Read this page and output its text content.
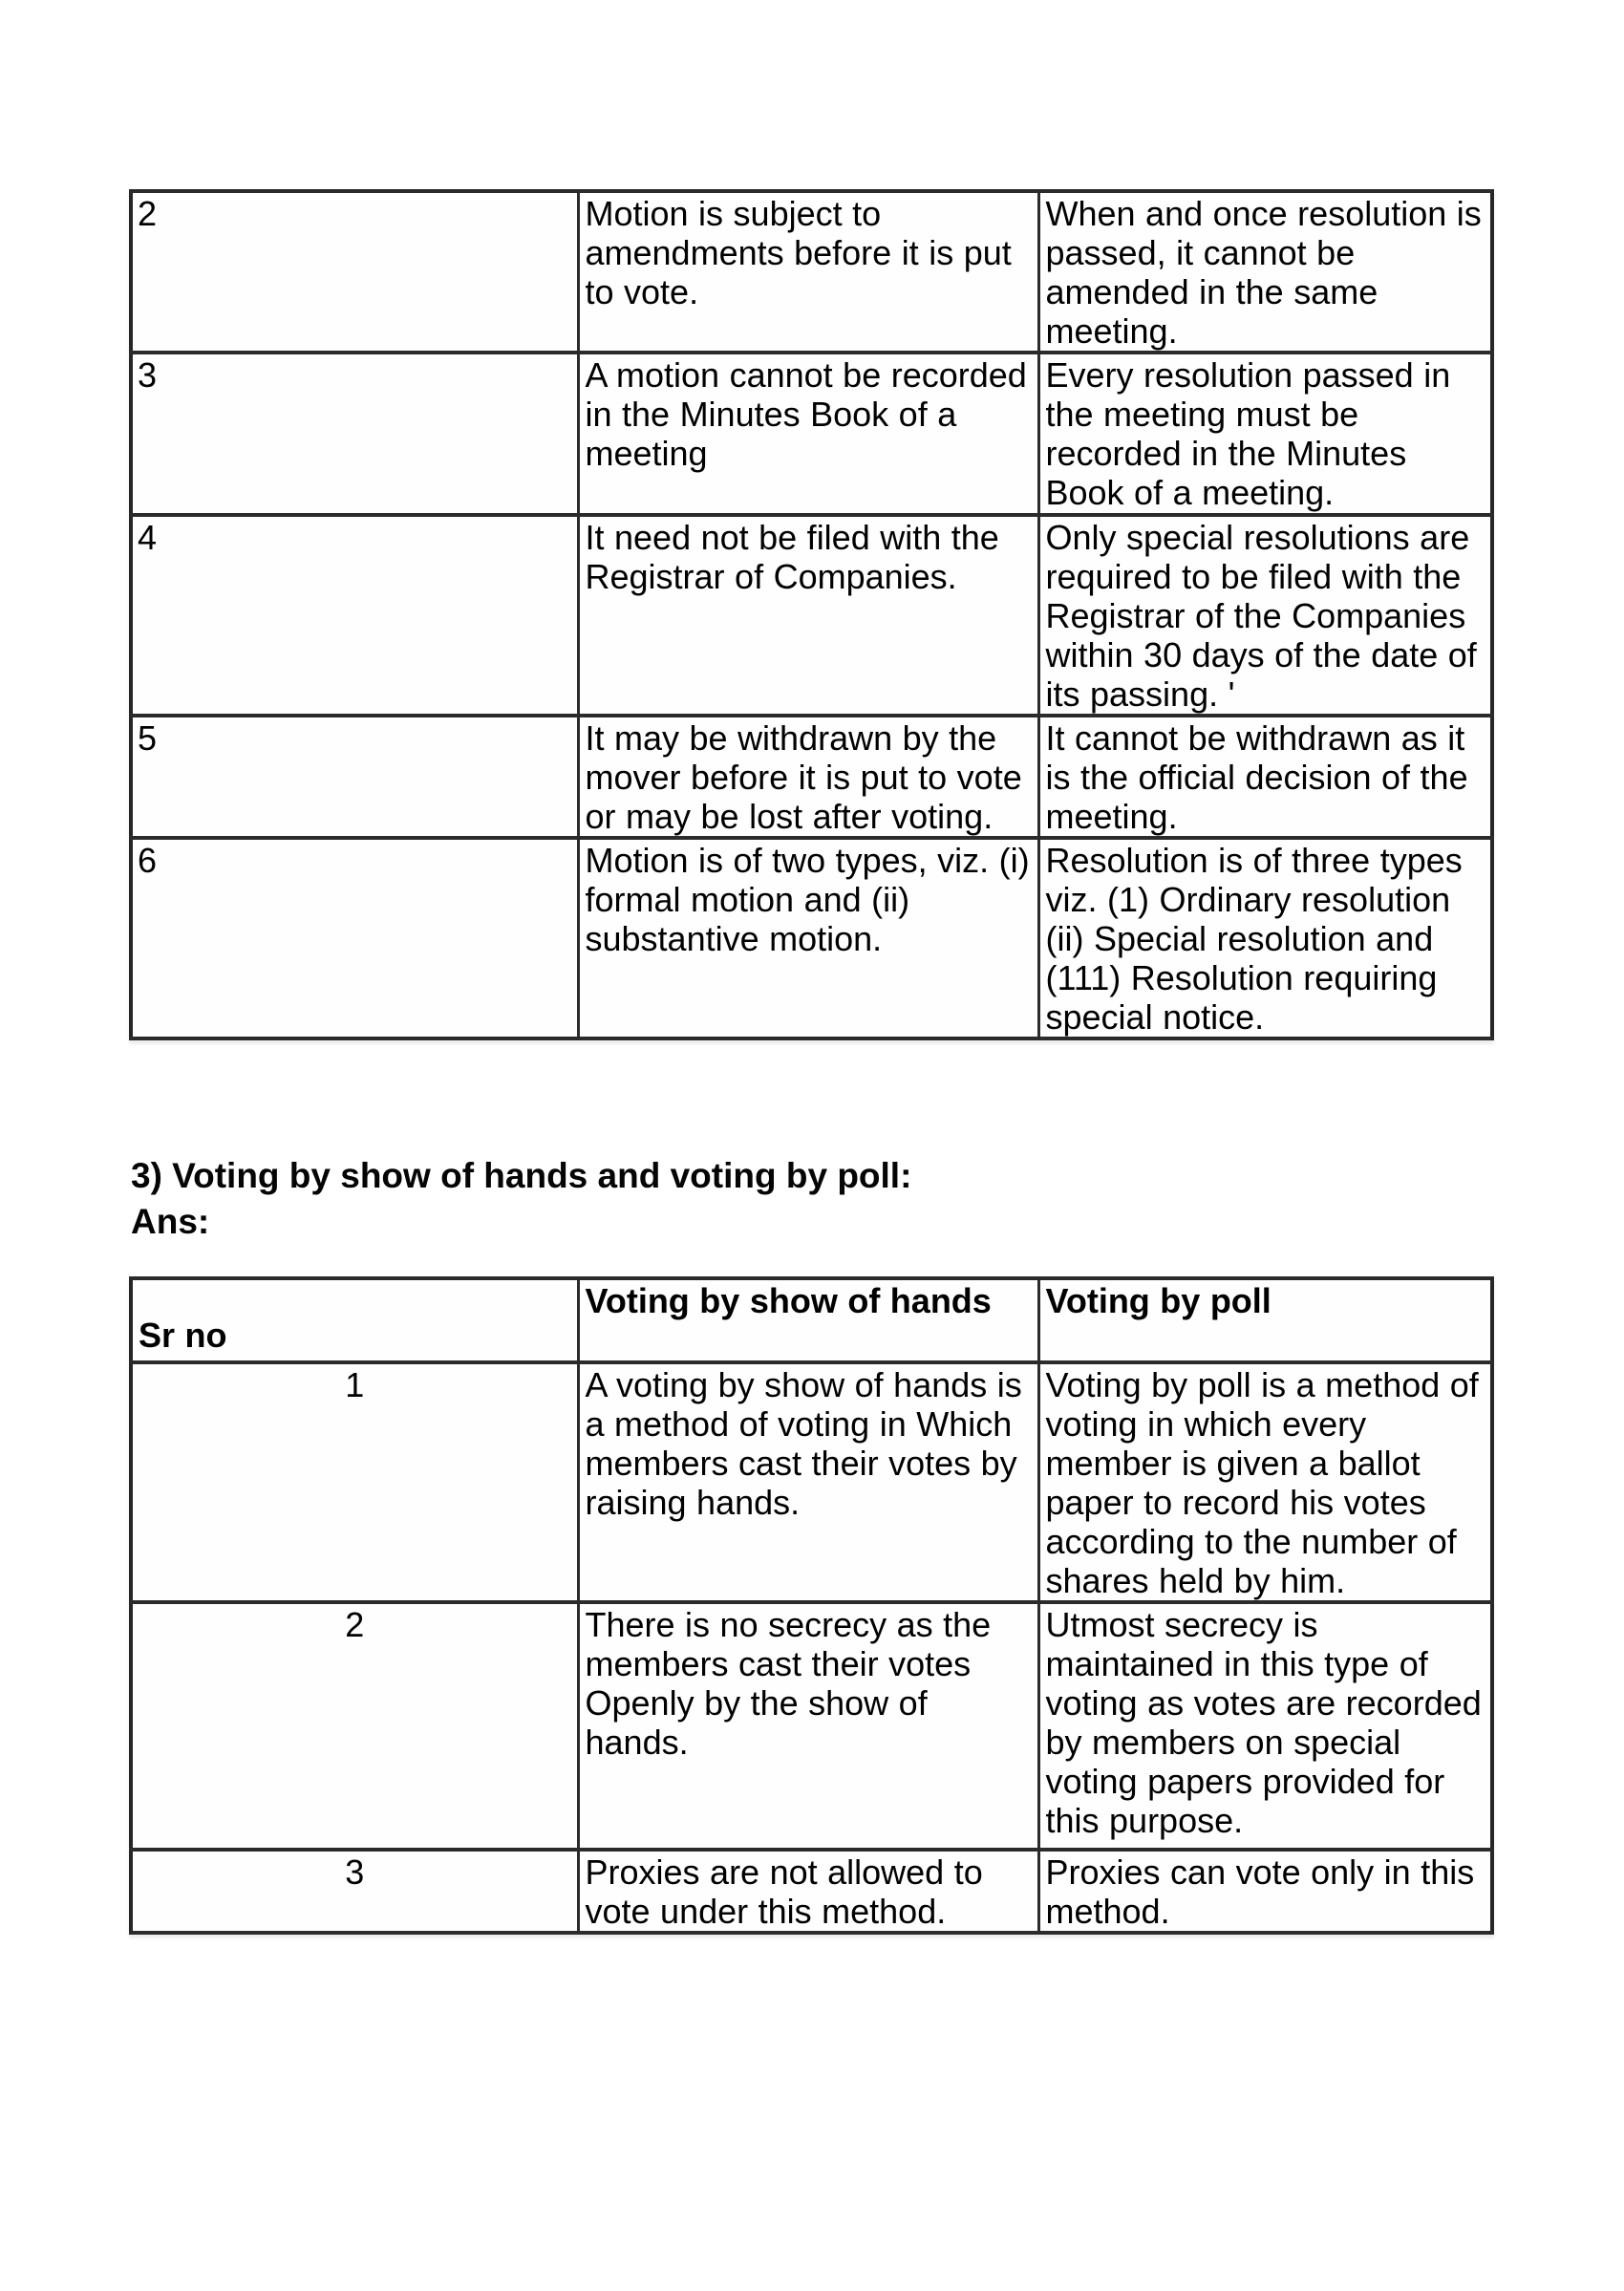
2	Motion is subject to amendments before it is put to vote.	When and once resolution is passed, it cannot be amended in the same meeting.
3	A motion cannot be recorded in the Minutes Book of a meeting	Every resolution passed in the meeting must be recorded in the Minutes Book of a meeting.
4	It need not be filed with the Registrar of Companies.	Only special resolutions are required to be filed with the Registrar of the Companies within 30 days of the date of its passing. '
5	It may be withdrawn by the mover before it is put to vote or may be lost after voting.	It cannot be withdrawn as it is the official decision of the meeting.
6	Motion is of two types, viz. (i) formal motion and (ii) substantive motion.	Resolution is of three types viz. (1) Ordinary resolution (ii) Special resolution and (111) Resolution requiring special notice.
3) Voting by show of hands and voting by poll:
Ans:
Sr no	Voting by show of hands	Voting by poll
1	A voting by show of hands is a method of voting in Which members cast their votes by raising hands.	Voting by poll is a method of voting in which every member is given a ballot paper to record his votes according to the number of shares held by him.
2	There is no secrecy as the members cast their votes Openly by the show of hands.	Utmost secrecy is maintained in this type of voting as votes are recorded by members on special voting papers provided for this purpose.
3	Proxies are not allowed to vote under this method.	Proxies can vote only in this method.
